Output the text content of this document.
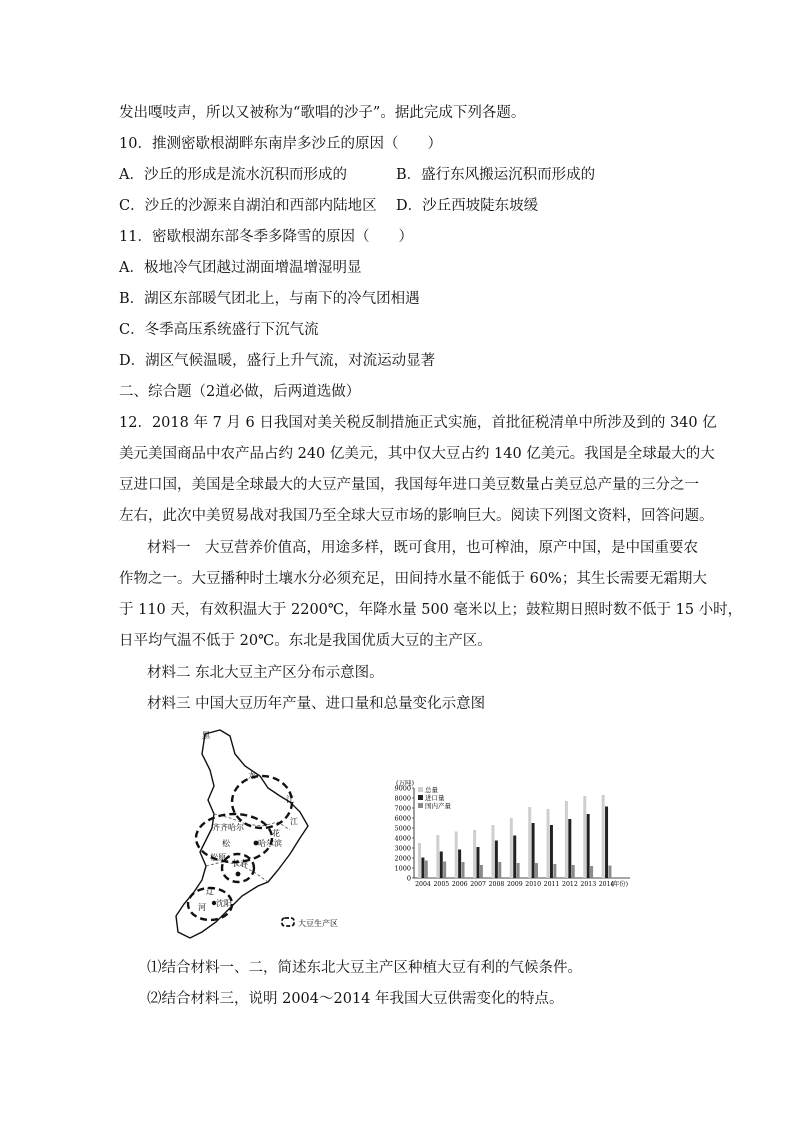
发出嘎吱声，所以又被称为“歌唱的沙子”。据此完成下列各题。
10．推测密歇根湖畔东南岸多沙丘的原因（　　）
A．沙丘的形成是流水沉积而形成的	B．盛行东风搬运沉积而形成的
C．沙丘的沙源来自湖泊和西部内陆地区 D．沙丘西坡陡东坡缓
11．密歇根湖东部冬季多降雪的原因（　　）
A．极地冷气团越过湖面增温增湿明显
B．湖区东部暖气团北上，与南下的冷气团相遇
C．冬季高压系统盛行下沉气流
D．湖区气候温暖，盛行上升气流，对流运动显著
二、综合题（2道必做，后两道选做）
12．2018 年 7 月 6 日我国对美关税反制措施正式实施，首批征税清单中所涉及到的 340 亿
美元美国商品中农产品占约 240 亿美元，其中仅大豆占约 140 亿美元。我国是全球最大的大
豆进口国，美国是全球最大的大豆产量国，我国每年进口美豆数量占美豆总产量的三分之一
左右，此次中美贸易战对我国乃至全球大豆市场的影响巨大。阅读下列图文资料，回答问题。
材料一　大豆营养价值高，用途多样，既可食用，也可榨油，原产中国，是中国重要农
作物之一。大豆播种时土壤水分必须充足，田间持水量不能低于 60%；其生长需要无霜期大
于 110 天，有效积温大于 2200℃，年降水量 500 毫米以上；鼓粒期日照时数不低于 15 小时，
日平均气温不低于 20℃。东北是我国优质大豆的主产区。
材料二 东北大豆主产区分布示意图。
材料三 中国大豆历年产量、进口量和总量变化示意图
黑
龙
江
齐齐哈尔
松
花
哈尔滨
江
松原
长春
辽
沈阳
河
大豆生产区
0
1000
2000
3000
4000
5000
6000
7000
8000
9000
(万吨)
2004 2005 2006 2007 2008 2009 2010 2011 2012 2013 2014
(年份)
总量
进口量
国内产量
⑴结合材料一、二，简述东北大豆主产区种植大豆有利的气候条件。
⑵结合材料三，说明 2004～2014 年我国大豆供需变化的特点。
